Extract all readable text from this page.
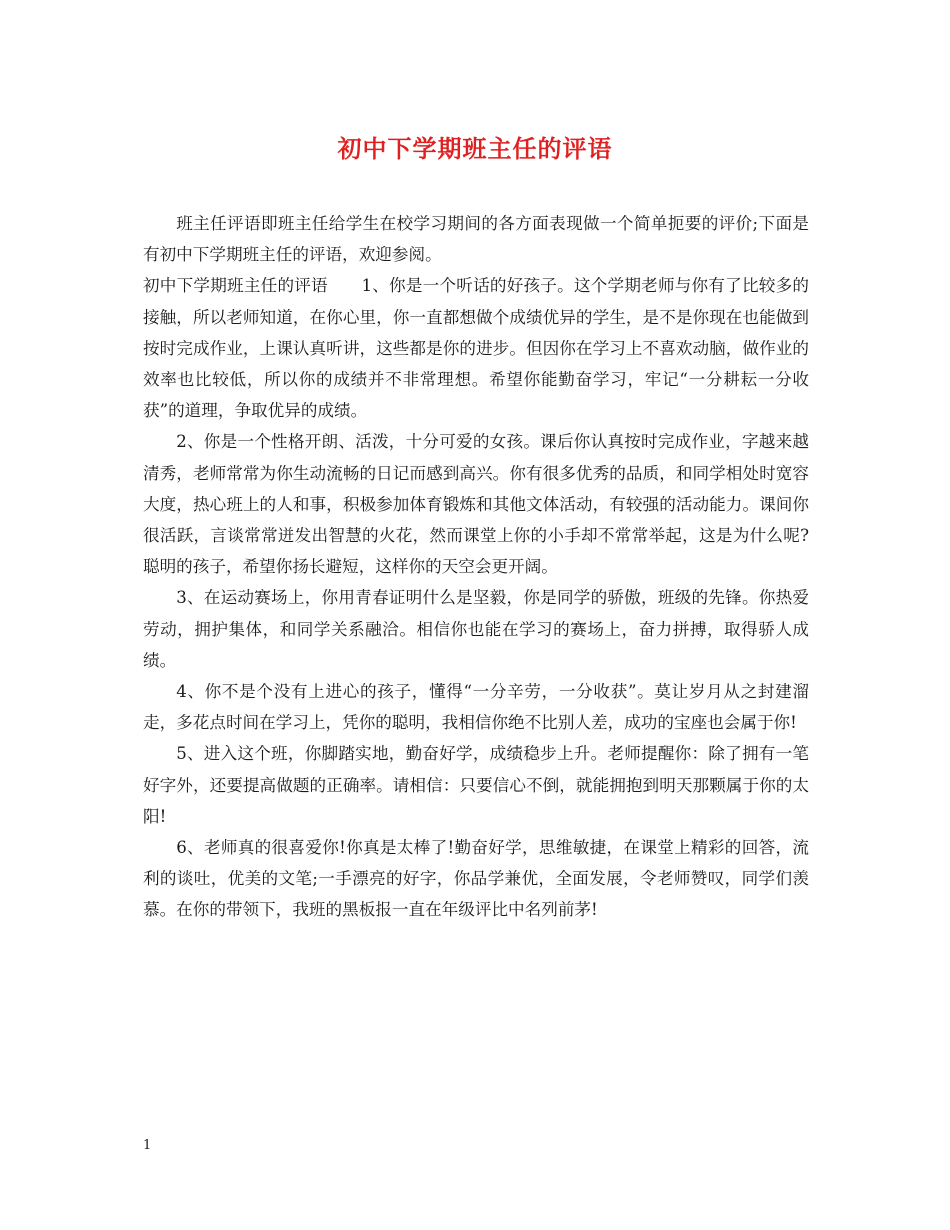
初中下学期班主任的评语

班主任评语即班主任给学生在校学习期间的各方面表现做一个简单扼要的评价;下面是有初中下学期班主任的评语，欢迎参阅。

初中下学期班主任的评语　　1、你是一个听话的好孩子。这个学期老师与你有了比较多的接触，所以老师知道，在你心里，你一直都想做个成绩优异的学生，是不是你现在也能做到按时完成作业，上课认真听讲，这些都是你的进步。但因你在学习上不喜欢动脑，做作业的效率也比较低，所以你的成绩并不非常理想。希望你能勤奋学习，牢记“一分耕耘一分收获”的道理，争取优异的成绩。

2、你是一个性格开朗、活泼，十分可爱的女孩。课后你认真按时完成作业，字越来越清秀，老师常常为你生动流畅的日记而感到高兴。你有很多优秀的品质，和同学相处时宽容大度，热心班上的人和事，积极参加体育锻炼和其他文体活动，有较强的活动能力。课间你很活跃，言谈常常迸发出智慧的火花，然而课堂上你的小手却不常常举起，这是为什么呢?聪明的孩子，希望你扬长避短，这样你的天空会更开阔。

3、在运动赛场上，你用青春证明什么是坚毅，你是同学的骄傲，班级的先锋。你热爱劳动，拥护集体，和同学关系融洽。相信你也能在学习的赛场上，奋力拼搏，取得骄人成绩。

4、你不是个没有上进心的孩子，懂得“一分辛劳，一分收获”。莫让岁月从之封建溜走，多花点时间在学习上，凭你的聪明，我相信你绝不比别人差，成功的宝座也会属于你!

5、进入这个班，你脚踏实地，勤奋好学，成绩稳步上升。老师提醒你：除了拥有一笔好字外，还要提高做题的正确率。请相信：只要信心不倒，就能拥抱到明天那颗属于你的太阳!

6、老师真的很喜爱你!你真是太棒了!勤奋好学，思维敏捷，在课堂上精彩的回答，流利的谈吐，优美的文笔;一手漂亮的好字，你品学兼优，全面发展，令老师赞叹，同学们羡慕。在你的带领下，我班的黑板报一直在年级评比中名列前茅!

1
